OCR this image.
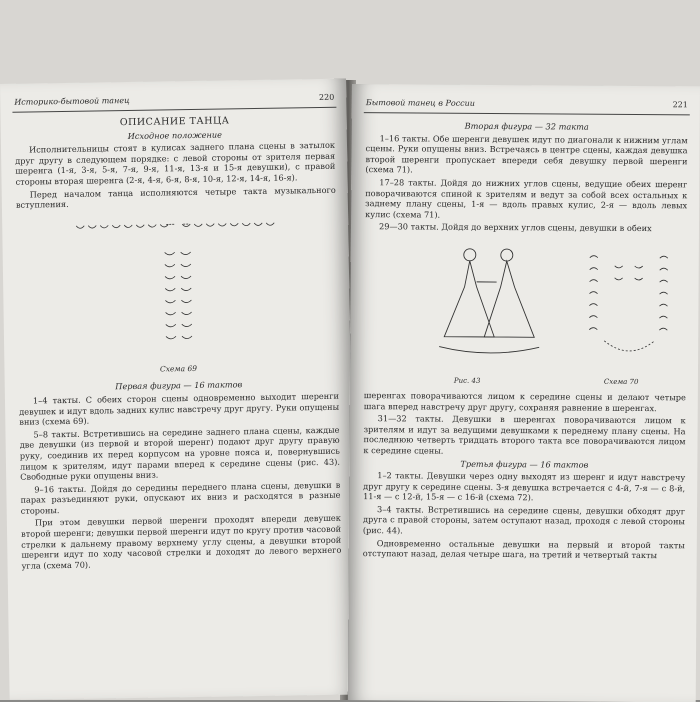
Историко-бытовой танец	220
ОПИСАНИЕ ТАНЦА
Исходное положение

Исполнительницы стоят в кулисах заднего плана сцены в затылок друг другу в следующем порядке: с левой стороны от зрителя первая шеренга (1-я, 3-я, 5-я, 7-я, 9-я, 11-я, 13-я и 15-я девушки), с правой стороны вторая шеренга (2-я, 4-я, 6-я, 8-я, 10-я, 12-я, 14-я, 16-я).

Перед началом танца исполняются четыре такта музыкального вступления.

Схема 69
Первая фигура — 16 тактов

1–4 такты. С обеих сторон сцены одновременно выходит шеренги девушек и идут вдоль задних кулис навстречу друг другу. Руки опущены вниз (схема 69).

5–8 такты. Встретившись на середине заднего плана сцены, каждые две девушки (из первой и второй шеренг) подают друг другу правую руку, соединив их перед корпусом на уровне пояса и, повернувшись лицом к зрителям, идут парами вперед к середине сцены (рис. 43). Свободные руки опущены вниз.

9–16 такты. Дойдя до середины переднего плана сцены, девушки в парах разъединяют руки, опускают их вниз и расходятся в разные стороны.

При этом девушки первой шеренги проходят впереди девушек второй шеренги; девушки первой шеренги идут по кругу против часовой стрелки к дальнему правому верхнему углу сцены, а девушки второй шеренги идут по ходу часовой стрелки и доходят до левого верхнего угла (схема 70).

Бытовой танец в России	221
Вторая фигура — 32 такта

1–16 такты. Обе шеренги девушек идут по диагонали к нижним углам сцены. Руки опущены вниз. Встречаясь в центре сцены, каждая девушка второй шеренги пропускает впереди себя девушку первой шеренги (схема 71).

17–28 такты. Дойдя до нижних углов сцены, ведущие обеих шеренг поворачиваются спиной к зрителям и ведут за собой всех остальных к заднему плану сцены, 1-я — вдоль правых кулис, 2-я — вдоль левых кулис (схема 71).

29—30 такты. Дойдя до верхних углов сцены, девушки в обеих

Рис. 43	Схема 70

шеренгах поворачиваются лицом к середине сцены и делают четыре шага вперед навстречу друг другу, сохраняя равнение в шеренгах.

31—32 такты. Девушки в шеренгах поворачиваются лицом к зрителям и идут за ведущими девушками к переднему плану сцены. На последнюю четверть тридцать второго такта все поворачиваются лицом к середине сцены.

Третья фигура — 16 тактов

1–2 такты. Девушки через одну выходят из шеренг и идут навстречу друг другу к середине сцены. 3-я девушка встречается с 4-й, 7-я — с 8-й, 11-я — с 12-й, 15-я — с 16-й (схема 72).

3–4 такты. Встретившись на середине сцены, девушки обходят друг друга с правой стороны, затем оступают назад, проходя с левой стороны (рис. 44).

Одновременно остальные девушки на первый и второй такты отступают назад, делая четыре шага, на третий и четвертый такты
